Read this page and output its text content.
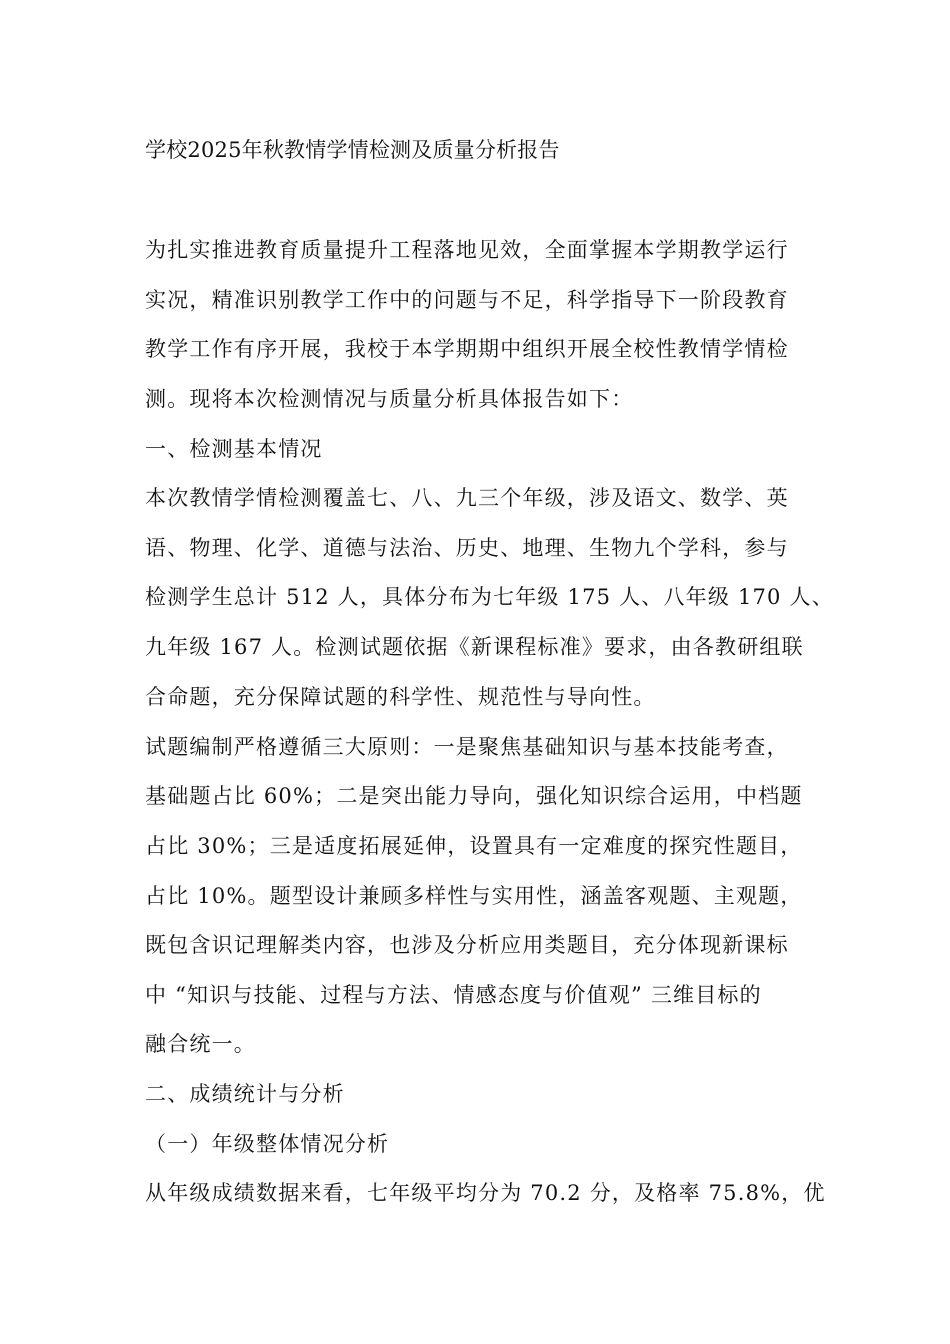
学校2025年秋教情学情检测及质量分析报告
为扎实推进教育质量提升工程落地见效，全面掌握本学期教学运行
实况，精准识别教学工作中的问题与不足，科学指导下一阶段教育
教学工作有序开展，我校于本学期期中组织开展全校性教情学情检
测。现将本次检测情况与质量分析具体报告如下：
一、检测基本情况
本次教情学情检测覆盖七、八、九三个年级，涉及语文、数学、英
语、物理、化学、道德与法治、历史、地理、生物九个学科，参与
检测学生总计 512 人，具体分布为七年级 175 人、八年级 170 人、
九年级 167 人。检测试题依据《新课程标准》要求，由各教研组联
合命题，充分保障试题的科学性、规范性与导向性。
试题编制严格遵循三大原则：一是聚焦基础知识与基本技能考查，
基础题占比 60%；二是突出能力导向，强化知识综合运用，中档题
占比 30%；三是适度拓展延伸，设置具有一定难度的探究性题目，
占比 10%。题型设计兼顾多样性与实用性，涵盖客观题、主观题，
既包含识记理解类内容，也涉及分析应用类题目，充分体现新课标
中 “知识与技能、过程与方法、情感态度与价值观” 三维目标的
融合统一。
二、成绩统计与分析
（一）年级整体情况分析
从年级成绩数据来看，七年级平均分为 70.2 分，及格率 75.8%，优
